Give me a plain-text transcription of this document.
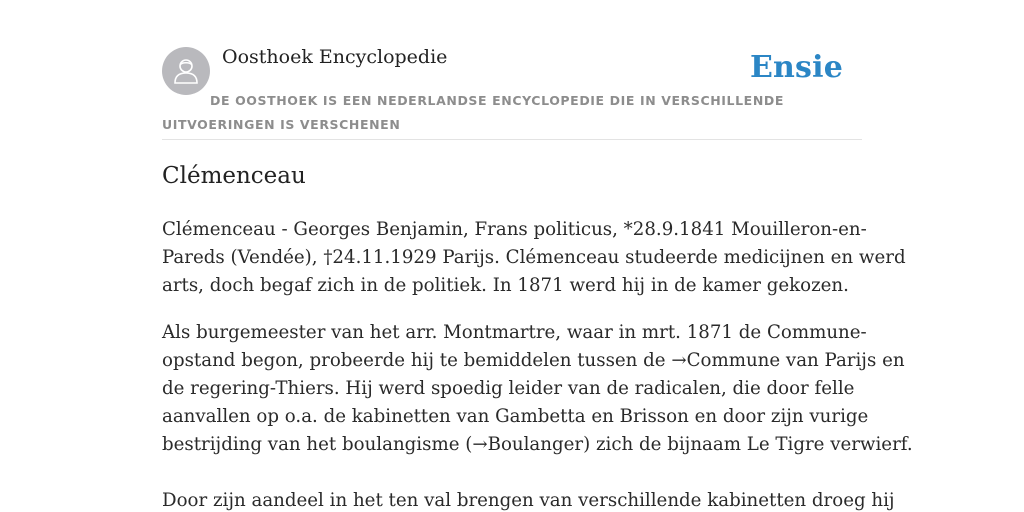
Oosthoek Encyclopedie	Ensie
DE OOSTHOEK IS EEN NEDERLANDSE ENCYCLOPEDIE DIE IN VERSCHILLENDE UITVOERINGEN IS VERSCHENEN
Clémenceau

Clémenceau - Georges Benjamin, Frans politicus, *28.9.1841 Mouilleron-en-

Pareds (Vendée), †24.11.1929 Parijs. Clémenceau studeerde medicijnen en werd

arts, doch begaf zich in de politiek. In 1871 werd hij in de kamer gekozen.

Als burgemeester van het arr. Montmartre, waar in mrt. 1871 de Commune-

opstand begon, probeerde hij te bemiddelen tussen de →Commune van Parijs en

de regering-Thiers. Hij werd spoedig leider van de radicalen, die door felle

aanvallen op o.a. de kabinetten van Gambetta en Brisson en door zijn vurige

bestrijding van het boulangisme (→Boulanger) zich de bijnaam Le Tigre verwierf.

Door zijn aandeel in het ten val brengen van verschillende kabinetten droeg hij
